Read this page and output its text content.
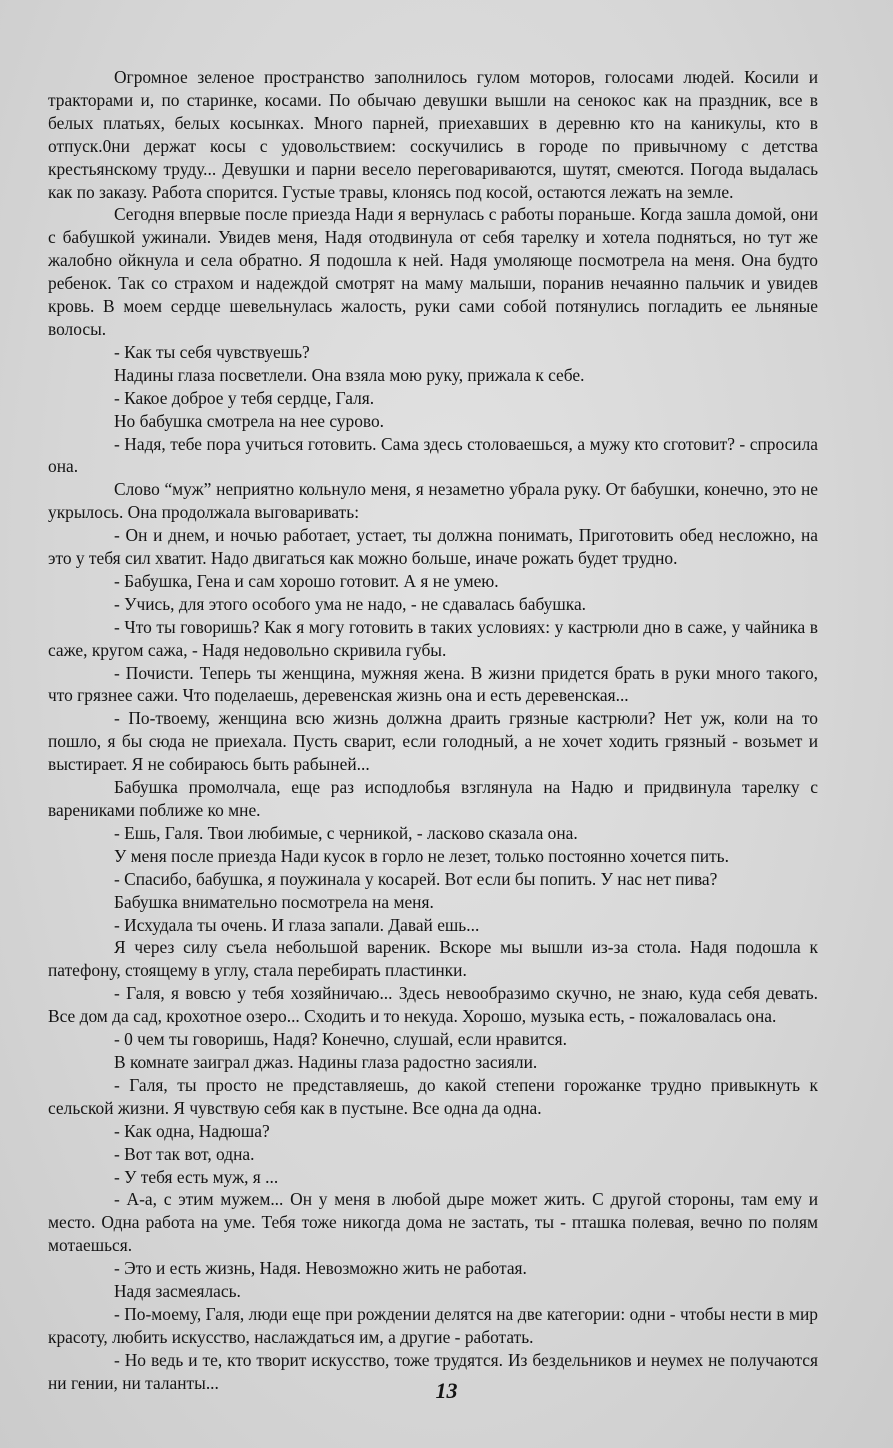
Огромное зеленое пространство заполнилось гулом моторов, голосами людей. Косили и тракторами и, по старинке, косами. По обычаю девушки вышли на сенокос как на праздник, все в белых платьях, белых косынках. Много парней, приехавших в деревню кто на каникулы, кто в отпуск.0ни держат косы с удовольствием: соскучились в городе по привычному с детства крестьянскому труду... Девушки и парни весело переговариваются, шутят, смеются. Погода выдалась как по заказу. Работа спорится. Густые травы, клонясь под косой, остаются лежать на земле.

Сегодня впервые после приезда Нади я вернулась с работы пораньше. Когда зашла домой, они с бабушкой ужинали. Увидев меня, Надя отодвинула от себя тарелку и хотела подняться, но тут же жалобно ойкнула и села обратно. Я подошла к ней. Надя умоляюще посмотрела на меня. Она будто ребенок. Так со страхом и надеждой смотрят на маму малыши, поранив нечаянно пальчик и увидев кровь. В моем сердце шевельнулась жалость, руки сами собой потянулись погладить ее льняные волосы.

- Как ты себя чувствуешь?

Надины глаза посветлели. Она взяла мою руку, прижала к себе.

- Какое доброе у тебя сердце, Галя.

Но бабушка смотрела на нее сурово.

- Надя, тебе пора учиться готовить. Сама здесь столоваешься, а мужу кто сготовит? - спросила она.

Слово “муж” неприятно кольнуло меня, я незаметно убрала руку. От бабушки, конечно, это не укрылось. Она продолжала выговаривать:

- Он и днем, и ночью работает, устает, ты должна понимать, Приготовить обед несложно, на это у тебя сил хватит. Надо двигаться как можно больше, иначе рожать будет трудно.

- Бабушка, Гена и сам хорошо готовит. А я не умею.

- Учись, для этого особого ума не надо, - не сдавалась бабушка.

- Что ты говоришь? Как я могу готовить в таких условиях: у кастрюли дно в саже, у чайника в саже, кругом сажа, - Надя недовольно скривила губы.

- Почисти. Теперь ты женщина, мужняя жена. В жизни придется брать в руки много такого, что грязнее сажи. Что поделаешь, деревенская жизнь она и есть деревенская...

- По-твоему, женщина всю жизнь должна драить грязные кастрюли? Нет уж, коли на то пошло, я бы сюда не приехала. Пусть сварит, если голодный, а не хочет ходить грязный - возьмет и выстирает. Я не собираюсь быть рабыней...

Бабушка промолчала, еще раз исподлобья взглянула на Надю и придвинула тарелку с варениками поближе ко мне.

- Ешь, Галя. Твои любимые, с черникой, - ласково сказала она.

У меня после приезда Нади кусок в горло не лезет, только постоянно хочется пить.

- Спасибо, бабушка, я поужинала у косарей. Вот если бы попить. У нас нет пива?

Бабушка внимательно посмотрела на меня.

- Исхудала ты очень. И глаза запали. Давай ешь...

Я через силу съела небольшой вареник. Вскоре мы вышли из-за стола. Надя подошла к патефону, стоящему в углу, стала перебирать пластинки.

- Галя, я вовсю у тебя хозяйничаю... Здесь невообразимо скучно, не знаю, куда себя девать. Все дом да сад, крохотное озеро... Сходить и то некуда. Хорошо, музыка есть, - пожаловалась она.

- 0 чем ты говоришь, Надя? Конечно, слушай, если нравится.

В комнате заиграл джаз. Надины глаза радостно засияли.

- Галя, ты просто не представляешь, до какой степени горожанке трудно привыкнуть к сельской жизни. Я чувствую себя как в пустыне. Все одна да одна.

- Как одна, Надюша?

- Вот так вот, одна.

- У тебя есть муж, я ...

- А-а, с этим мужем... Он у меня в любой дыре может жить. С другой стороны, там ему и место. Одна работа на уме. Тебя тоже никогда дома не застать, ты - пташка полевая, вечно по полям мотаешься.

- Это и есть жизнь, Надя. Невозможно жить не работая.

Надя засмеялась.

- По-моему, Галя, люди еще при рождении делятся на две категории: одни - чтобы нести в мир красоту, любить искусство, наслаждаться им, а другие - работать.

- Но ведь и те, кто творит искусство, тоже трудятся. Из бездельников и неумех не получаются ни гении, ни таланты...	13
